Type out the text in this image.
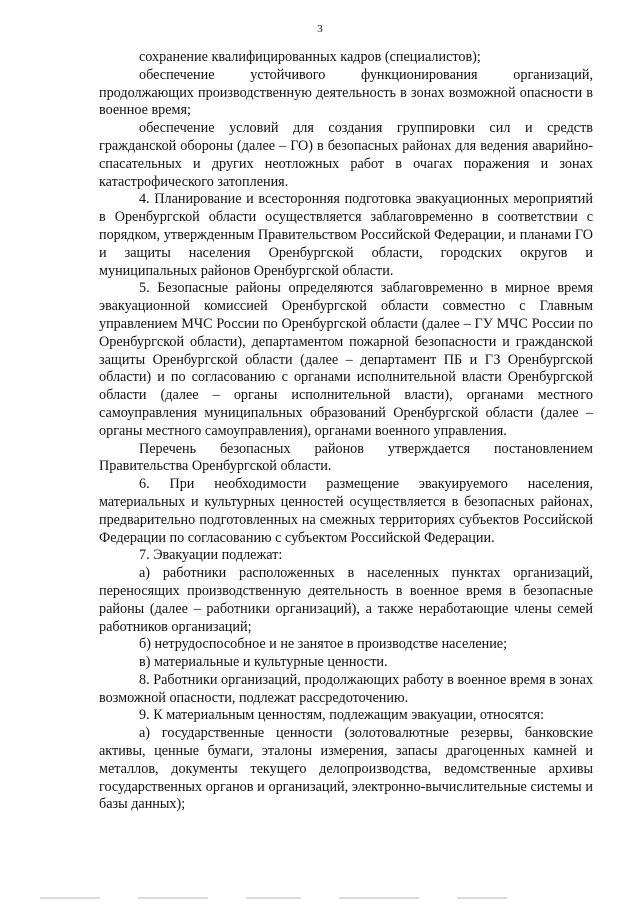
3

сохранение квалифицированных кадров (специалистов);

обеспечение устойчивого функционирования организаций, продолжающих производственную деятельность в зонах возможной опасности в военное время;

обеспечение условий для создания группировки сил и средств гражданской обороны (далее – ГО) в безопасных районах для ведения аварийно-спасательных и других неотложных работ в очагах поражения и зонах катастрофического затопления.

4. Планирование и всесторонняя подготовка эвакуационных мероприятий в Оренбургской области осуществляется заблаговременно в соответствии с порядком, утвержденным Правительством Российской Федерации, и планами ГО и защиты населения Оренбургской области, городских округов и муниципальных районов Оренбургской области.

5. Безопасные районы определяются заблаговременно в мирное время эвакуационной комиссией Оренбургской области совместно с Главным управлением МЧС России по Оренбургской области (далее – ГУ МЧС России по Оренбургской области), департаментом пожарной безопасности и гражданской защиты Оренбургской области (далее – департамент ПБ и ГЗ Оренбургской области) и по согласованию с органами исполнительной власти Оренбургской области (далее – органы исполнительной власти), органами местного самоуправления муниципальных образований Оренбургской области (далее – органы местного самоуправления), органами военного управления.

Перечень безопасных районов утверждается постановлением Правительства Оренбургской области.

6. При необходимости размещение эвакуируемого населения, материальных и культурных ценностей осуществляется в безопасных районах, предварительно подготовленных на смежных территориях субъектов Российской Федерации по согласованию с субъектом Российской Федерации.

7. Эвакуации подлежат:

а) работники расположенных в населенных пунктах организаций, переносящих производственную деятельность в военное время в безопасные районы (далее – работники организаций), а также неработающие члены семей работников организаций;

б) нетрудоспособное и не занятое в производстве население;

в) материальные и культурные ценности.

8. Работники организаций, продолжающих работу в военное время в зонах возможной опасности, подлежат рассредоточению.

9. К материальным ценностям, подлежащим эвакуации, относятся:

а) государственные ценности (золотовалютные резервы, банковские активы, ценные бумаги, эталоны измерения, запасы драгоценных камней и металлов, документы текущего делопроизводства, ведомственные архивы государственных органов и организаций, электронно-вычислительные системы и базы данных);
